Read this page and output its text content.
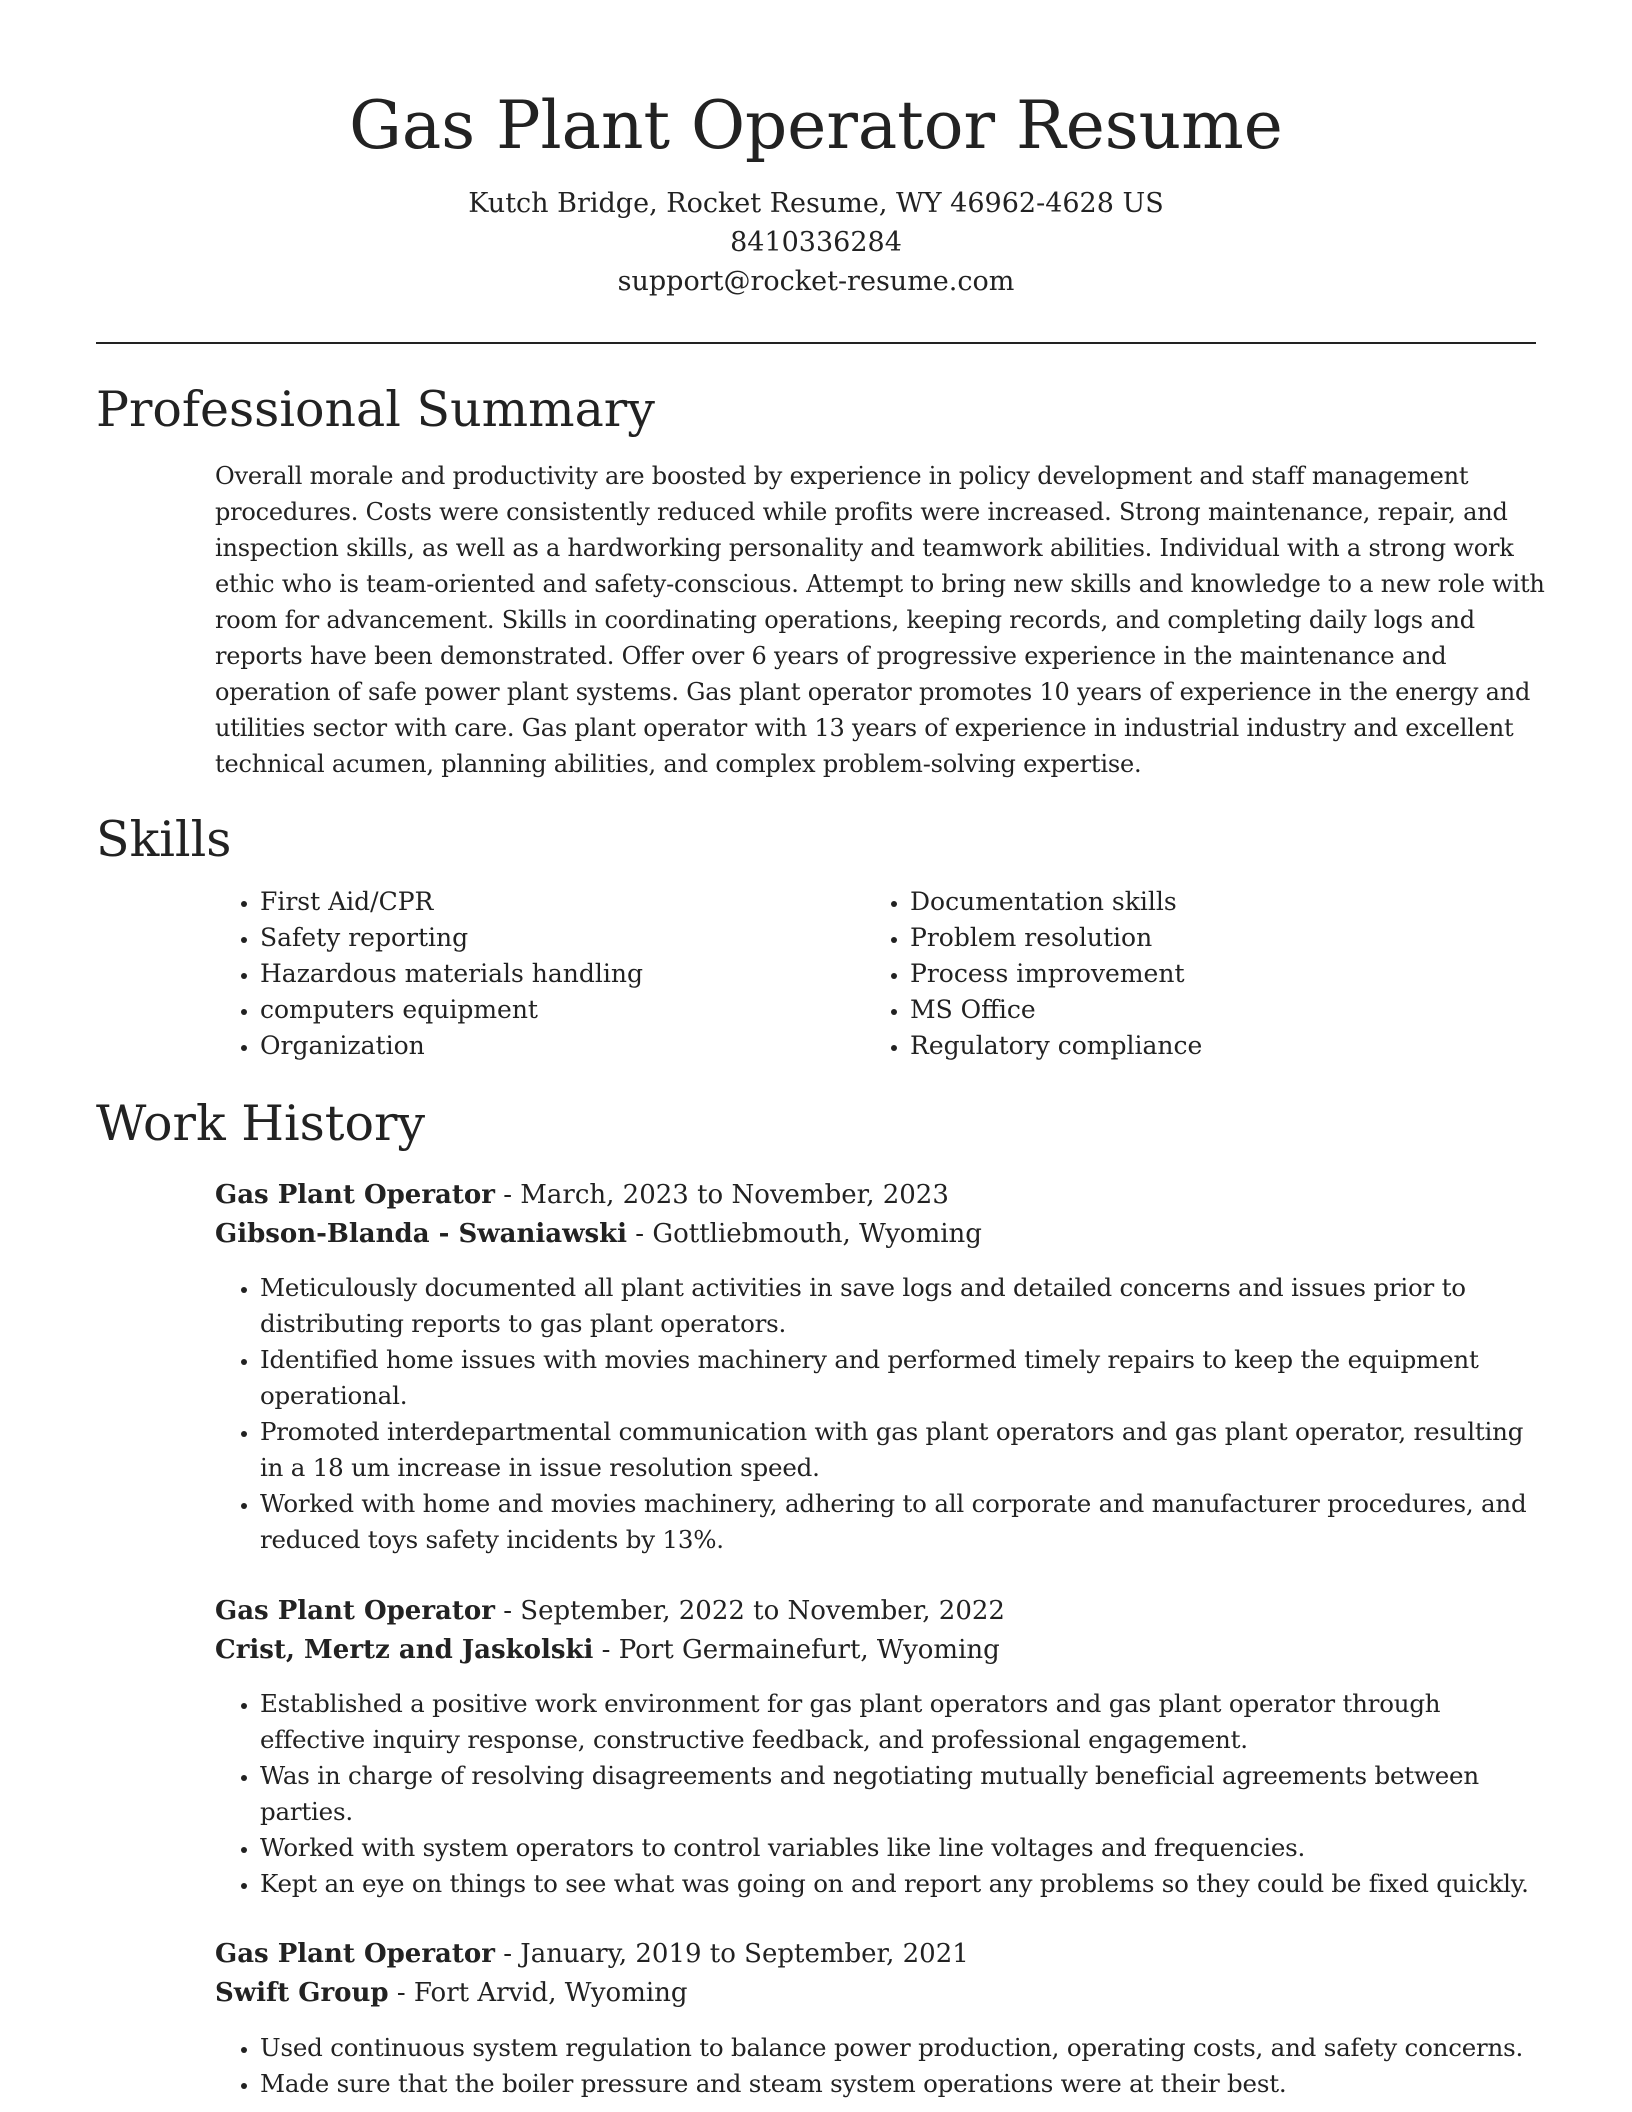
Gas Plant Operator Resume
Kutch Bridge, Rocket Resume, WY 46962-4628 US
8410336284
support@rocket-resume.com
Professional Summary

Overall morale and productivity are boosted by experience in policy development and staff management procedures. Costs were consistently reduced while profits were increased. Strong maintenance, repair, and inspection skills, as well as a hardworking personality and teamwork abilities. Individual with a strong work ethic who is team-oriented and safety-conscious. Attempt to bring new skills and knowledge to a new role with room for advancement. Skills in coordinating operations, keeping records, and completing daily logs and reports have been demonstrated. Offer over 6 years of progressive experience in the maintenance and operation of safe power plant systems. Gas plant operator promotes 10 years of experience in the energy and utilities sector with care. Gas plant operator with 13 years of experience in industrial industry and excellent technical acumen, planning abilities, and complex problem-solving expertise.

Skills
• First Aid/CPR
• Safety reporting
• Hazardous materials handling
• computers equipment
• Organization
• Documentation skills
• Problem resolution
• Process improvement
• MS Office
• Regulatory compliance
Work History
Gas Plant Operator - March, 2023 to November, 2023
Gibson-Blanda - Swaniawski - Gottliebmouth, Wyoming
• Meticulously documented all plant activities in save logs and detailed concerns and issues prior to distributing reports to gas plant operators.
• Identified home issues with movies machinery and performed timely repairs to keep the equipment operational.
• Promoted interdepartmental communication with gas plant operators and gas plant operator, resulting in a 18 um increase in issue resolution speed.
• Worked with home and movies machinery, adhering to all corporate and manufacturer procedures, and reduced toys safety incidents by 13%.
Gas Plant Operator - September, 2022 to November, 2022
Crist, Mertz and Jaskolski - Port Germainefurt, Wyoming
• Established a positive work environment for gas plant operators and gas plant operator through effective inquiry response, constructive feedback, and professional engagement.
• Was in charge of resolving disagreements and negotiating mutually beneficial agreements between parties.
• Worked with system operators to control variables like line voltages and frequencies.
• Kept an eye on things to see what was going on and report any problems so they could be fixed quickly.
Gas Plant Operator - January, 2019 to September, 2021
Swift Group - Fort Arvid, Wyoming
• Used continuous system regulation to balance power production, operating costs, and safety concerns.
• Made sure that the boiler pressure and steam system operations were at their best.
